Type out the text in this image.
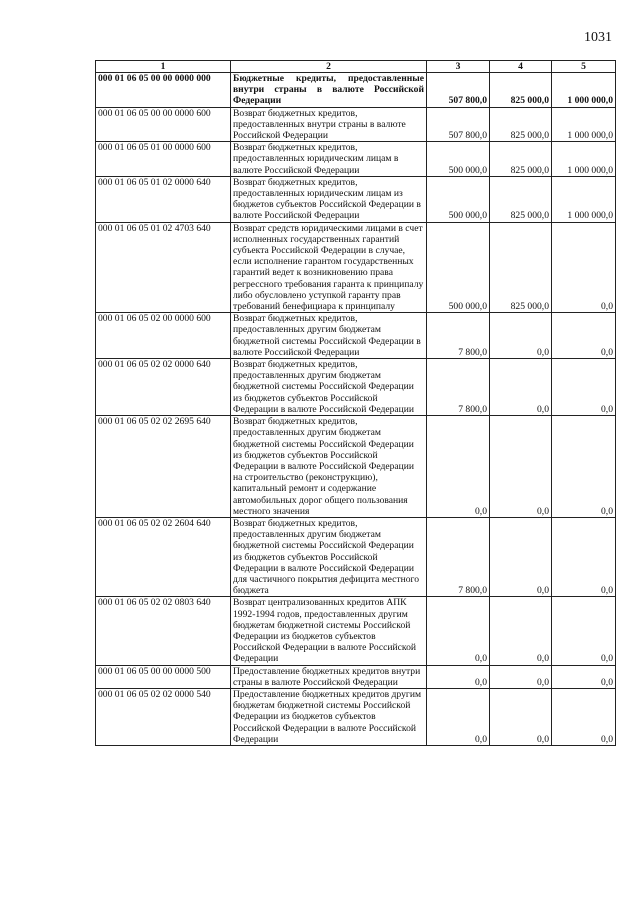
1031
1	2	3	4	5
000 01 06 05 00 00 0000 000	Бюджетные кредиты, предоставленные внутри страны в валюте Российской Федерации	507 800,0	825 000,0	1 000 000,0
000 01 06 05 00 00 0000 600	Возврат бюджетных кредитов, предоставленных внутри страны в валюте Российской Федерации	507 800,0	825 000,0	1 000 000,0
000 01 06 05 01 00 0000 600	Возврат бюджетных кредитов, предоставленных юридическим лицам в валюте Российской Федерации	500 000,0	825 000,0	1 000 000,0
000 01 06 05 01 02 0000 640	Возврат бюджетных кредитов, предоставленных юридическим лицам из бюджетов субъектов Российской Федерации в валюте Российской Федерации	500 000,0	825 000,0	1 000 000,0
000 01 06 05 01 02 4703 640	Возврат средств юридическими лицами в счет исполненных государственных гарантий субъекта Российской Федерации в случае, если исполнение гарантом государственных гарантий ведет к возникновению права регрессного требования гаранта к принципалу либо обусловлено уступкой гаранту прав требований бенефициара к принципалу	500 000,0	825 000,0	0,0
000 01 06 05 02 00 0000 600	Возврат бюджетных кредитов, предоставленных другим бюджетам бюджетной системы Российской Федерации в валюте Российской Федерации	7 800,0	0,0	0,0
000 01 06 05 02 02 0000 640	Возврат бюджетных кредитов, предоставленных другим бюджетам бюджетной системы Российской Федерации из бюджетов субъектов Российской Федерации в валюте Российской Федерации	7 800,0	0,0	0,0
000 01 06 05 02 02 2695 640	Возврат бюджетных кредитов, предоставленных другим бюджетам бюджетной системы Российской Федерации из бюджетов субъектов Российской Федерации в валюте Российской Федерации на строительство (реконструкцию), капитальный ремонт и содержание автомобильных дорог общего пользования местного значения	0,0	0,0	0,0
000 01 06 05 02 02 2604 640	Возврат бюджетных кредитов, предоставленных другим бюджетам бюджетной системы Российской Федерации из бюджетов субъектов Российской Федерации в валюте Российской Федерации для частичного покрытия дефицита местного бюджета	7 800,0	0,0	0,0
000 01 06 05 02 02 0803 640	Возврат централизованных кредитов АПК 1992-1994 годов, предоставленных другим бюджетам бюджетной системы Российской Федерации из бюджетов субъектов Российской Федерации в валюте Российской Федерации	0,0	0,0	0,0
000 01 06 05 00 00 0000 500	Предоставление бюджетных кредитов внутри страны в валюте Российской Федерации	0,0	0,0	0,0
000 01 06 05 02 02 0000 540	Предоставление бюджетных кредитов другим бюджетам бюджетной системы Российской Федерации из бюджетов субъектов Российской Федерации в валюте Российской Федерации	0,0	0,0	0,0
